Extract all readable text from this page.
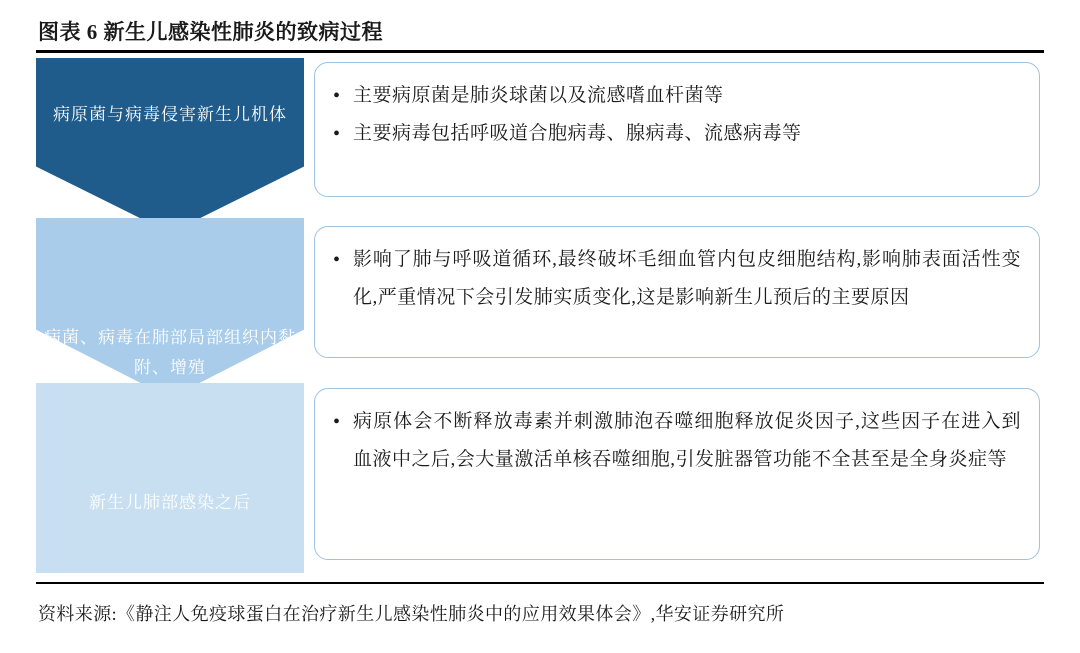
图表 6 新生儿感染性肺炎的致病过程
病原菌与病毒侵害新生儿机体
• 主要病原菌是肺炎球菌以及流感嗜血杆菌等
• 主要病毒包括呼吸道合胞病毒、腺病毒、流感病毒等
病菌、病毒在肺部局部组织内黏附、增殖
• 影响了肺与呼吸道循环,最终破坏毛细血管内包皮细胞结构,影响肺表面活性变化,严重情况下会引发肺实质变化,这是影响新生儿预后的主要原因
新生儿肺部感染之后
• 病原体会不断释放毒素并刺激肺泡吞噬细胞释放促炎因子,这些因子在进入到血液中之后,会大量激活单核吞噬细胞,引发脏器管功能不全甚至是全身炎症等
资料来源:《静注人免疫球蛋白在治疗新生儿感染性肺炎中的应用效果体会》,华安证券研究所
